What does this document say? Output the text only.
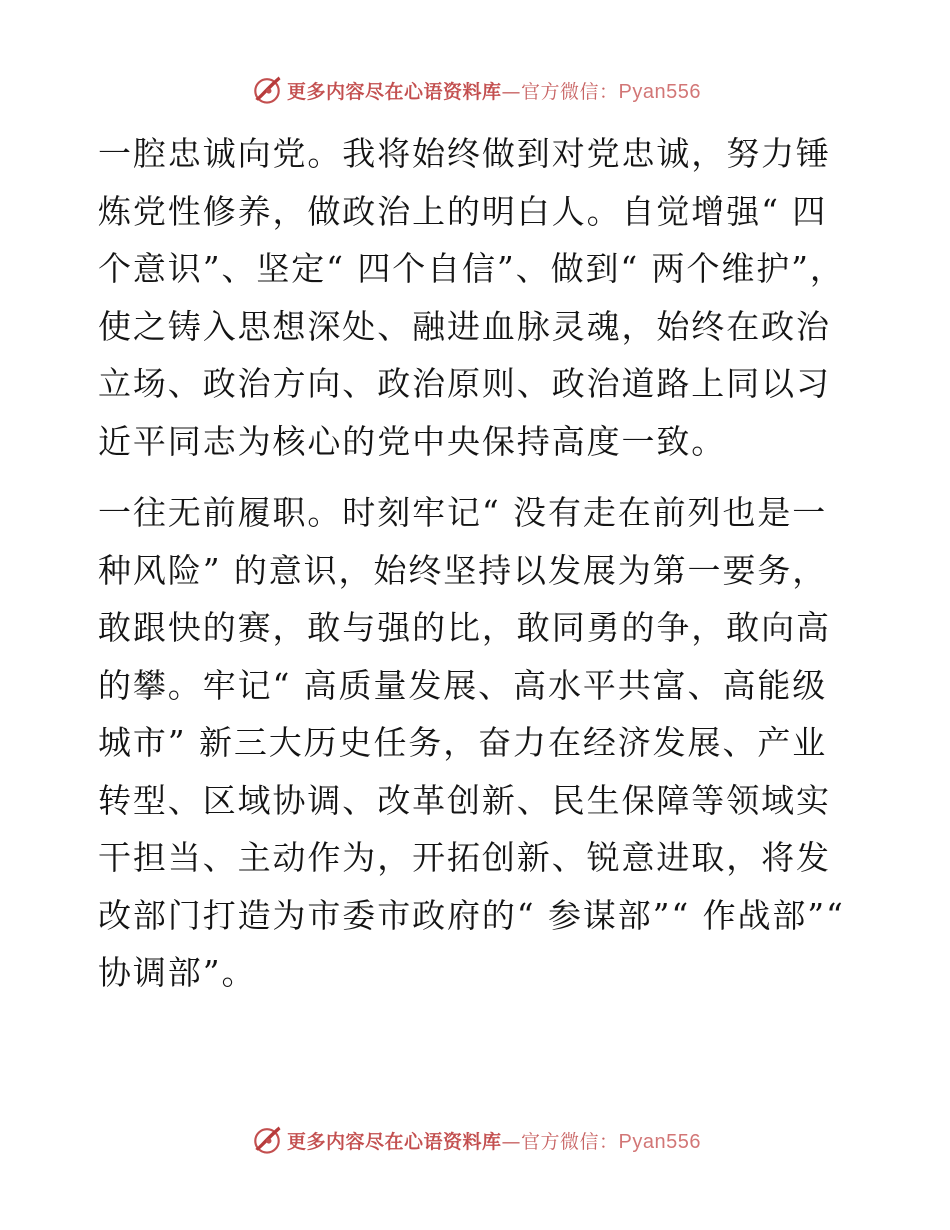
更多内容尽在心语资料库—官方微信：Pyan556

一腔忠诚向党。我将始终做到对党忠诚，努力锤炼党性修养，做政治上的明白人。自觉增强“ 四个意识”、坚定“ 四个自信”、做到“ 两个维护”，使之铸入思想深处、融进血脉灵魂，始终在政治立场、政治方向、政治原则、政治道路上同以习近平同志为核心的党中央保持高度一致。

一往无前履职。时刻牢记“ 没有走在前列也是一种风险” 的意识，始终坚持以发展为第一要务，敢跟快的赛，敢与强的比，敢同勇的争，敢向高的攀。牢记“ 高质量发展、高水平共富、高能级城市” 新三大历史任务，奋力在经济发展、产业转型、区域协调、改革创新、民生保障等领域实干担当、主动作为，开拓创新、锐意进取，将发改部门打造为市委市政府的“ 参谋部”“ 作战部”“ 协调部”。

更多内容尽在心语资料库—官方微信：Pyan556
